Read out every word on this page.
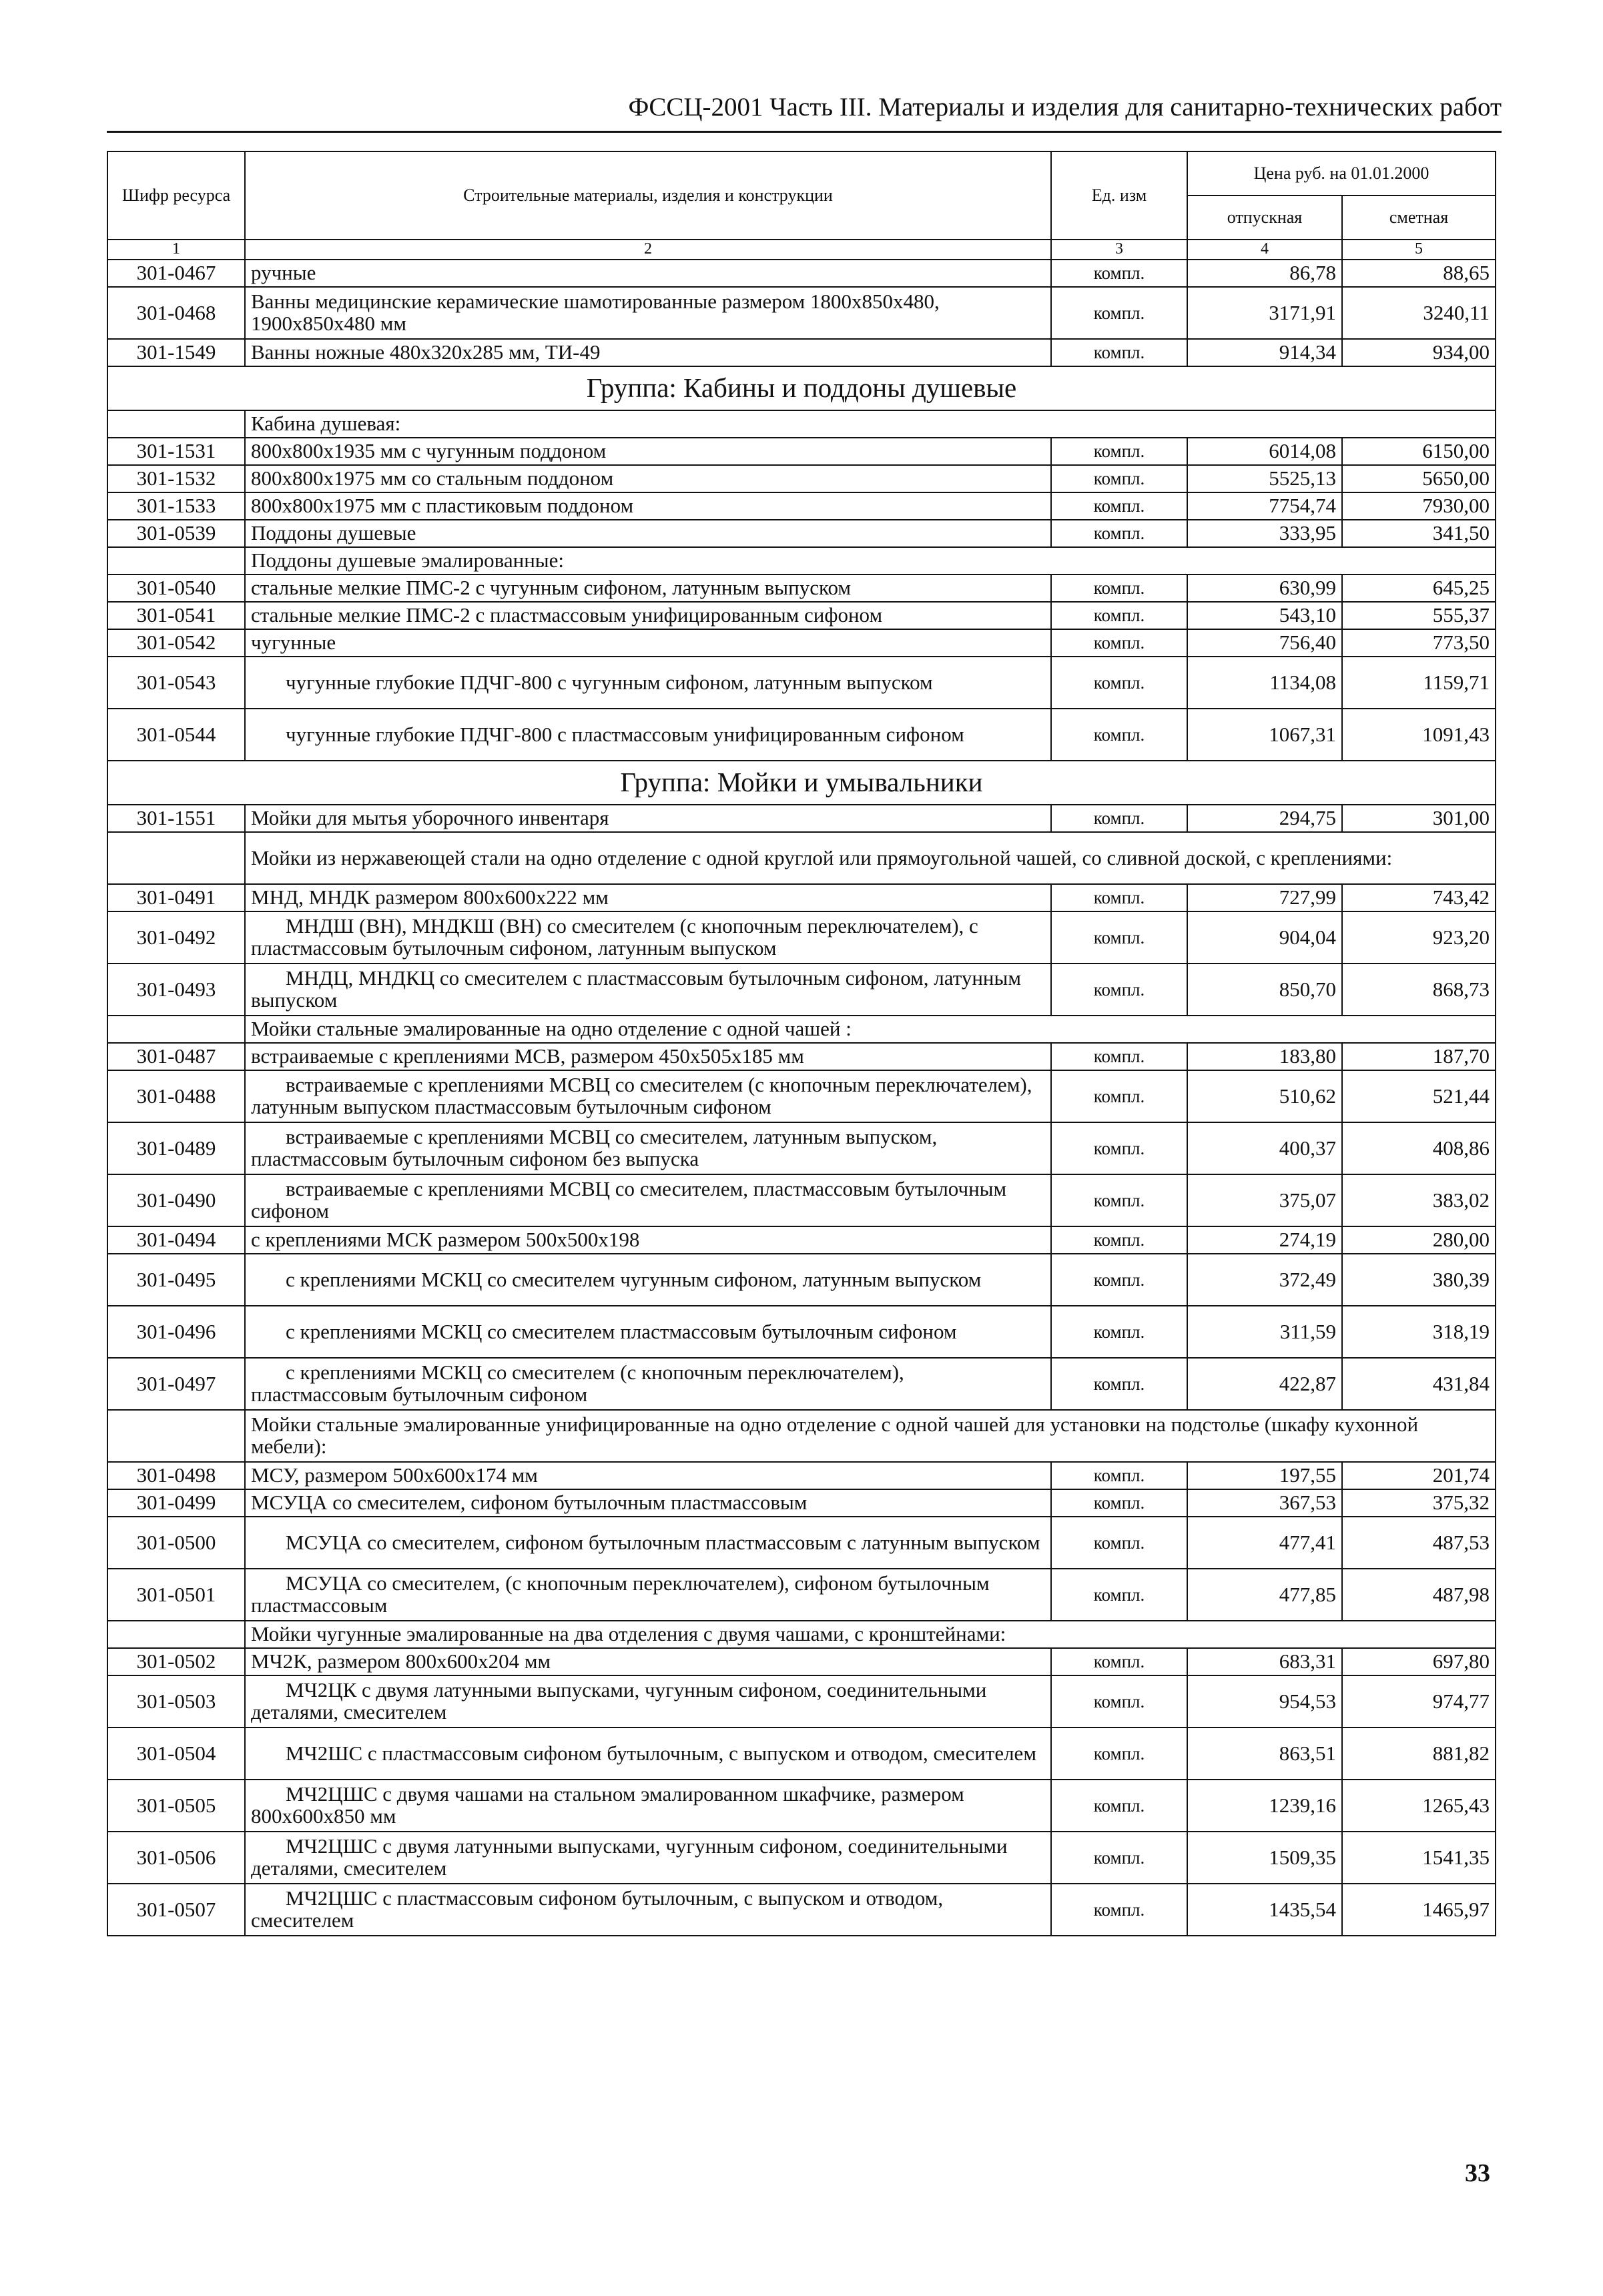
ФССЦ-2001 Часть III. Материалы и изделия для санитарно-технических работ
Шифр ресурса	Строительные материалы, изделия и конструкции	Ед. изм	Цена руб. на 01.01.2000	
			отпускная	сметная
1	2	3	4	5
301-0467	ручные	компл.	86,78	88,65
301-0468	Ванны медицинские керамические шамотированные размером 1800x850x480, 1900x850x480 мм	компл.	3171,91	3240,11
301-1549	Ванны ножные 480x320x285 мм, ТИ-49	компл.	914,34	934,00
Группа: Кабины и поддоны душевые				
	Кабина душевая:			
301-1531	800x800x1935 мм с чугунным поддоном	компл.	6014,08	6150,00
301-1532	800x800x1975 мм со стальным поддоном	компл.	5525,13	5650,00
301-1533	800x800x1975 мм с пластиковым поддоном	компл.	7754,74	7930,00
301-0539	Поддоны душевые	компл.	333,95	341,50
	Поддоны душевые эмалированные:			
301-0540	стальные мелкие ПМС-2 с чугунным сифоном, латунным выпуском	компл.	630,99	645,25
301-0541	стальные мелкие ПМС-2 с пластмассовым унифицированным сифоном	компл.	543,10	555,37
301-0542	чугунные	компл.	756,40	773,50
301-0543	чугунные глубокие ПДЧГ-800 с чугунным сифоном, латунным выпуском	компл.	1134,08	1159,71
301-0544	чугунные глубокие ПДЧГ-800 с пластмассовым унифицированным сифоном	компл.	1067,31	1091,43
Группа: Мойки и умывальники				
301-1551	Мойки для мытья уборочного инвентаря	компл.	294,75	301,00
	Мойки из нержавеющей стали на одно отделение с одной круглой или прямоугольной чашей, со сливной доской, с креплениями:			
301-0491	МНД, МНДК размером 800x600x222 мм	компл.	727,99	743,42
301-0492	МНДШ (ВН), МНДКШ (ВН) со смесителем (с кнопочным переключателем), с пластмассовым бутылочным сифоном, латунным выпуском	компл.	904,04	923,20
301-0493	МНДЦ, МНДКЦ со смесителем с пластмассовым бутылочным сифоном, латунным выпуском	компл.	850,70	868,73
	Мойки стальные эмалированные на одно отделение с одной чашей :			
301-0487	встраиваемые с креплениями МСВ, размером 450x505x185 мм	компл.	183,80	187,70
301-0488	встраиваемые с креплениями МСВЦ со смесителем (с кнопочным переключателем), латунным выпуском пластмассовым бутылочным сифоном	компл.	510,62	521,44
301-0489	встраиваемые с креплениями МСВЦ со смесителем, латунным выпуском, пластмассовым бутылочным сифоном без выпуска	компл.	400,37	408,86
301-0490	встраиваемые с креплениями МСВЦ со смесителем, пластмассовым бутылочным сифоном	компл.	375,07	383,02
301-0494	с креплениями МСК размером 500x500x198	компл.	274,19	280,00
301-0495	с креплениями МСКЦ со смесителем чугунным сифоном, латунным выпуском	компл.	372,49	380,39
301-0496	с креплениями МСКЦ со смесителем пластмассовым бутылочным сифоном	компл.	311,59	318,19
301-0497	с креплениями МСКЦ со смесителем (с кнопочным переключателем), пластмассовым бутылочным сифоном	компл.	422,87	431,84
	Мойки стальные эмалированные унифицированные на одно отделение с одной чашей для установки на подстолье (шкафу кухонной мебели):			
301-0498	МСУ, размером 500x600x174 мм	компл.	197,55	201,74
301-0499	МСУЦА со смесителем, сифоном бутылочным пластмассовым	компл.	367,53	375,32
301-0500	МСУЦА со смесителем, сифоном бутылочным пластмассовым с латунным выпуском	компл.	477,41	487,53
301-0501	МСУЦА со смесителем, (с кнопочным переключателем), сифоном бутылочным пластмассовым	компл.	477,85	487,98
	Мойки чугунные эмалированные на два отделения с двумя чашами, с кронштейнами:			
301-0502	МЧ2К, размером 800x600x204 мм	компл.	683,31	697,80
301-0503	МЧ2ЦК с двумя латунными выпусками, чугунным сифоном, соединительными деталями, смесителем	компл.	954,53	974,77
301-0504	МЧ2ШС с пластмассовым сифоном бутылочным, с выпуском и отводом, смесителем	компл.	863,51	881,82
301-0505	МЧ2ЦШС с двумя чашами на стальном эмалированном шкафчике, размером 800x600x850 мм	компл.	1239,16	1265,43
301-0506	МЧ2ЦШС с двумя латунными выпусками, чугунным сифоном, соединительными деталями, смесителем	компл.	1509,35	1541,35
301-0507	МЧ2ЦШС с пластмассовым сифоном бутылочным, с выпуском и отводом, смесителем	компл.	1435,54	1465,97
33
